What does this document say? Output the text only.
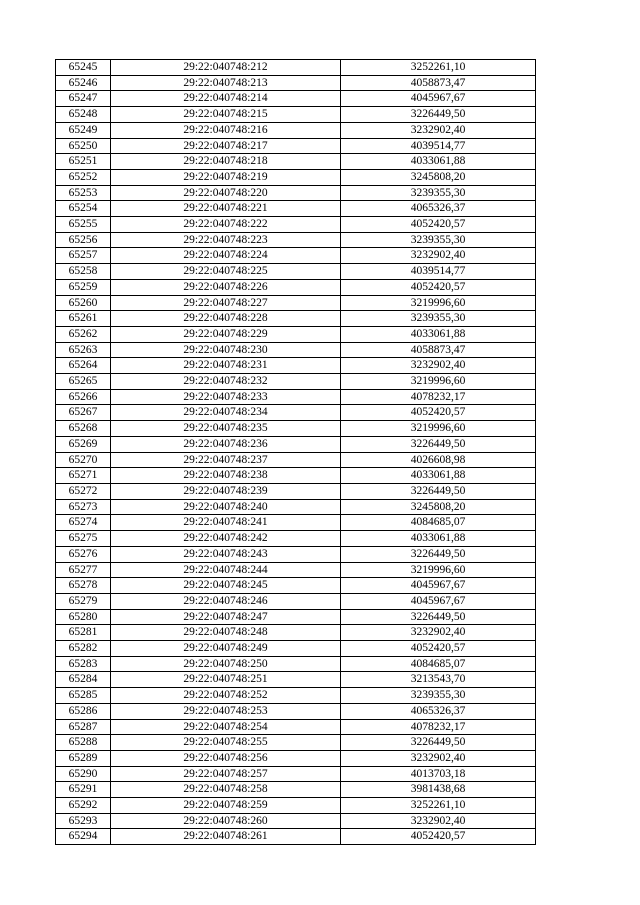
65245	29:22:040748:212	3252261,10
65246	29:22:040748:213	4058873,47
65247	29:22:040748:214	4045967,67
65248	29:22:040748:215	3226449,50
65249	29:22:040748:216	3232902,40
65250	29:22:040748:217	4039514,77
65251	29:22:040748:218	4033061,88
65252	29:22:040748:219	3245808,20
65253	29:22:040748:220	3239355,30
65254	29:22:040748:221	4065326,37
65255	29:22:040748:222	4052420,57
65256	29:22:040748:223	3239355,30
65257	29:22:040748:224	3232902,40
65258	29:22:040748:225	4039514,77
65259	29:22:040748:226	4052420,57
65260	29:22:040748:227	3219996,60
65261	29:22:040748:228	3239355,30
65262	29:22:040748:229	4033061,88
65263	29:22:040748:230	4058873,47
65264	29:22:040748:231	3232902,40
65265	29:22:040748:232	3219996,60
65266	29:22:040748:233	4078232,17
65267	29:22:040748:234	4052420,57
65268	29:22:040748:235	3219996,60
65269	29:22:040748:236	3226449,50
65270	29:22:040748:237	4026608,98
65271	29:22:040748:238	4033061,88
65272	29:22:040748:239	3226449,50
65273	29:22:040748:240	3245808,20
65274	29:22:040748:241	4084685,07
65275	29:22:040748:242	4033061,88
65276	29:22:040748:243	3226449,50
65277	29:22:040748:244	3219996,60
65278	29:22:040748:245	4045967,67
65279	29:22:040748:246	4045967,67
65280	29:22:040748:247	3226449,50
65281	29:22:040748:248	3232902,40
65282	29:22:040748:249	4052420,57
65283	29:22:040748:250	4084685,07
65284	29:22:040748:251	3213543,70
65285	29:22:040748:252	3239355,30
65286	29:22:040748:253	4065326,37
65287	29:22:040748:254	4078232,17
65288	29:22:040748:255	3226449,50
65289	29:22:040748:256	3232902,40
65290	29:22:040748:257	4013703,18
65291	29:22:040748:258	3981438,68
65292	29:22:040748:259	3252261,10
65293	29:22:040748:260	3232902,40
65294	29:22:040748:261	4052420,57
